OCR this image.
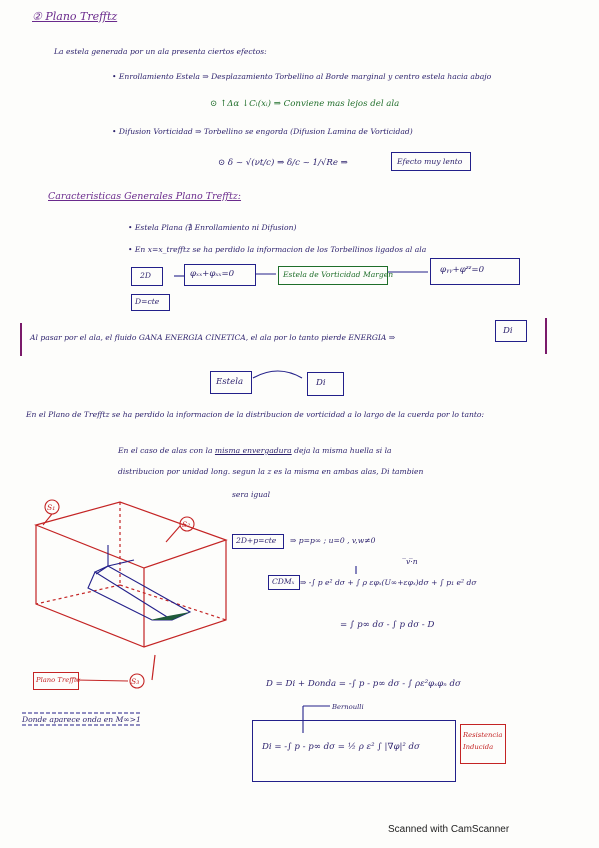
② Plano Trefftz
La estela generada por un ala presenta ciertos efectos:
• Enrollamiento Estela ⇒ Desplazamiento Torbellino al Borde marginal y centro estela hacia abajo
⊙ ↑Δα ↓Cₗ(xᵢ) ⇒ Conviene mas lejos del ala
• Difusion Vorticidad ⇒ Torbellino se engorda (Difusion Lamina de Vorticidad)
⊙ δ ~ √(νt/c) ⇒ δ/c ~ 1/√Re ⇒	Efecto muy lento
Caracteristicas Generales Plano Trefftz:
• Estela Plana (∄ Enrollamiento ni Difusion)
• En x=x_trefftz se ha perdido la informacion de los Torbellinos ligados al ala
2D	φₓₓ+φₓₓ=0	Estela de Vorticidad Margen	φᵧᵧ+φᶻᶻ=0
D=cte
Al pasar por el ala, el fluido GANA ENERGIA CINETICA, el ala por lo tanto pierde ENERGIA ⇒
Di
Estela	Di
En el Plano de Trefftz se ha perdido la informacion de la distribucion de vorticidad a lo largo de la cuerda por lo tanto:
En el caso de alas con la misma envergadura deja la misma huella si la
distribucion por unidad long. segun la z es la misma en ambas alas, Di tambien
sera igual
S₁
S₂
S₃
Plano Trefftz
2D+p=cte ⇒ p=p∞ ; u=0 , v,w≠0
̅v·̅n
CDMₓ ⇒ -∫ p e² dσ + ∫ ρ εφₓ(U∞+εφₓ)dσ + ∫ p₁ e² dσ
= ∫ p∞ dσ - ∫ p dσ - D
D = Di + Donda = -∫ p - p∞ dσ - ∫ ρε²φₓφₙ dσ
Bernoulli
Di = -∫ p - p∞ dσ = ½ ρ ε² ∫ |∇φ|² dσ
Resistencia Inducida
Donde aparece onda en M∞>1
Scanned with CamScanner
